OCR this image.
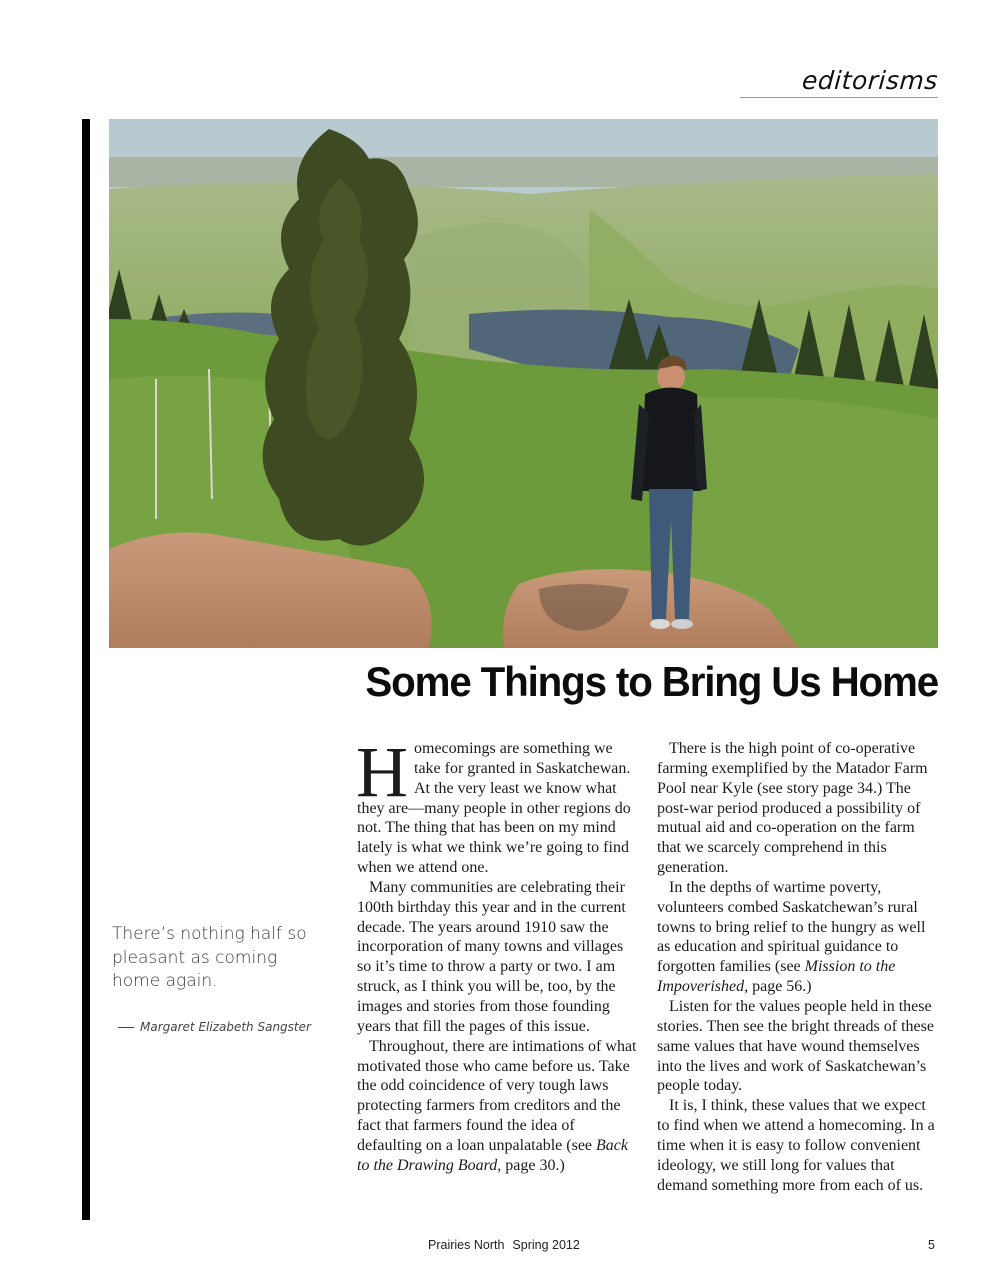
editorisms
Some Things to Bring Us Home

Homecomings are something we take for granted in Saskatchewan. At the very least we know what they are—many people in other regions do not. The thing that has been on my mind lately is what we think we’re going to find when we attend one.

Many communities are celebrating their 100th birthday this year and in the current decade. The years around 1910 saw the incorporation of many towns and villages so it’s time to throw a party or two. I am struck, as I think you will be, too, by the images and stories from those founding years that fill the pages of this issue.

Throughout, there are intimations of what motivated those who came before us. Take the odd coincidence of very tough laws protecting farmers from creditors and the fact that farmers found the idea of defaulting on a loan unpalatable (see Back to the Drawing Board, page 30.)

There is the high point of co-operative farming exemplified by the Matador Farm Pool near Kyle (see story page 34.) The post-war period produced a possibility of mutual aid and co-operation on the farm that we scarcely comprehend in this generation.

In the depths of wartime poverty, volunteers combed Saskatchewan’s rural towns to bring relief to the hungry as well as education and spiritual guidance to forgotten families (see Mission to the Impoverished, page 56.)

Listen for the values people held in these stories. Then see the bright threads of these same values that have wound themselves into the lives and work of Saskatchewan’s people today.

It is, I think, these values that we expect to find when we attend a homecoming. In a time when it is easy to follow convenient ideology, we still long for values that demand something more from each of us.

There’s nothing half so pleasant as coming home again.
Margaret Elizabeth Sangster
Prairies North Spring 2012	5
